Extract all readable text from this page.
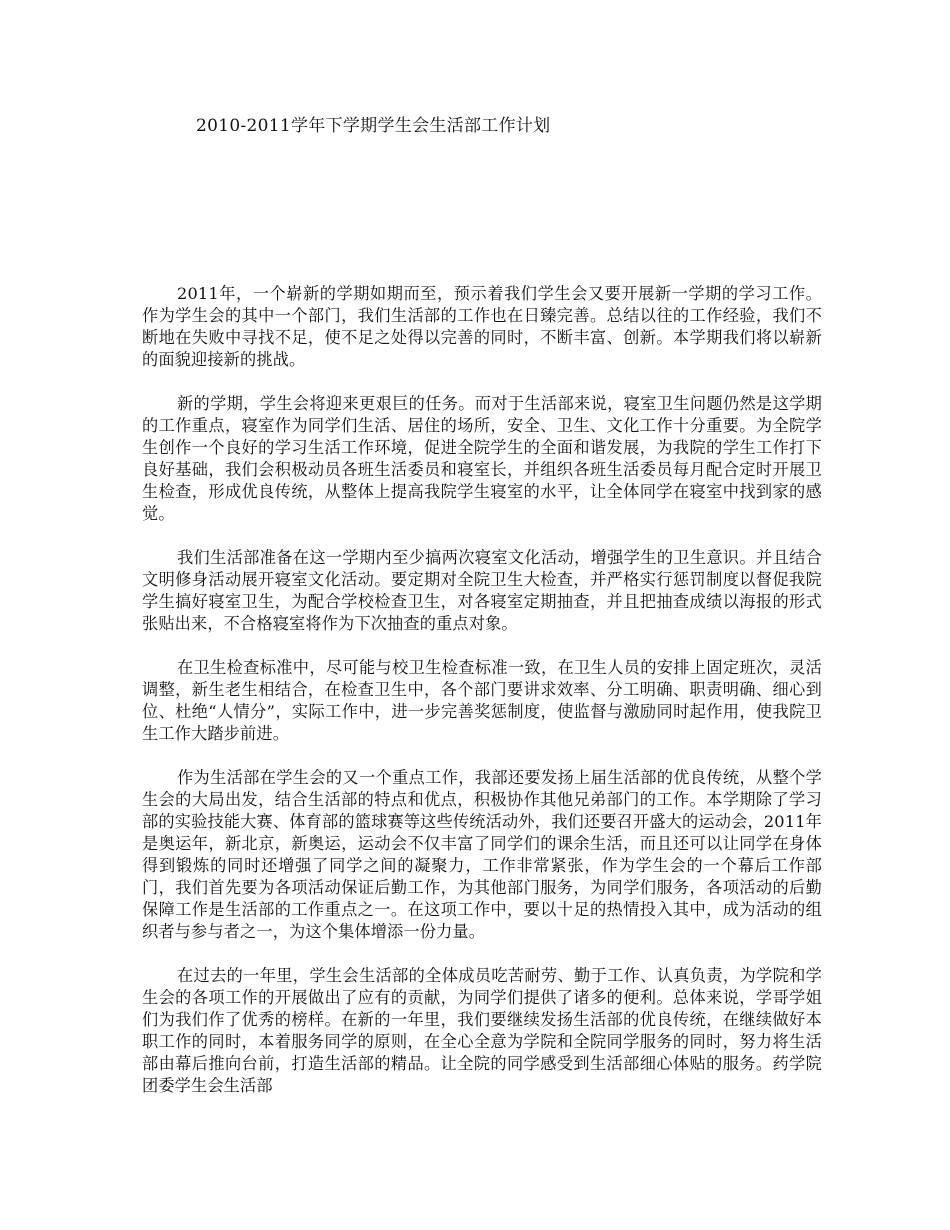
2010-2011学年下学期学生会生活部工作计划

2011年，一个崭新的学期如期而至，预示着我们学生会又要开展新一学期的学习工作。作为学生会的其中一个部门，我们生活部的工作也在日臻完善。总结以往的工作经验，我们不断地在失败中寻找不足，使不足之处得以完善的同时，不断丰富、创新。本学期我们将以崭新的面貌迎接新的挑战。

新的学期，学生会将迎来更艰巨的任务。而对于生活部来说，寝室卫生问题仍然是这学期的工作重点，寝室作为同学们生活、居住的场所，安全、卫生、文化工作十分重要。为全院学生创作一个良好的学习生活工作环境，促进全院学生的全面和谐发展，为我院的学生工作打下良好基础，我们会积极动员各班生活委员和寝室长，并组织各班生活委员每月配合定时开展卫生检查，形成优良传统，从整体上提高我院学生寝室的水平，让全体同学在寝室中找到家的感觉。

我们生活部准备在这一学期内至少搞两次寝室文化活动，增强学生的卫生意识。并且结合文明修身活动展开寝室文化活动。要定期对全院卫生大检查，并严格实行惩罚制度以督促我院学生搞好寝室卫生，为配合学校检查卫生，对各寝室定期抽查，并且把抽查成绩以海报的形式张贴出来，不合格寝室将作为下次抽查的重点对象。

在卫生检查标准中，尽可能与校卫生检查标准一致，在卫生人员的安排上固定班次，灵活调整，新生老生相结合，在检查卫生中，各个部门要讲求效率、分工明确、职责明确、细心到位、杜绝“人情分”，实际工作中，进一步完善奖惩制度，使监督与激励同时起作用，使我院卫生工作大踏步前进。

作为生活部在学生会的又一个重点工作，我部还要发扬上届生活部的优良传统，从整个学生会的大局出发，结合生活部的特点和优点，积极协作其他兄弟部门的工作。本学期除了学习部的实验技能大赛、体育部的篮球赛等这些传统活动外，我们还要召开盛大的运动会，2011年是奥运年，新北京，新奥运，运动会不仅丰富了同学们的课余生活，而且还可以让同学在身体得到锻炼的同时还增强了同学之间的凝聚力，工作非常紧张，作为学生会的一个幕后工作部门，我们首先要为各项活动保证后勤工作，为其他部门服务，为同学们服务，各项活动的后勤保障工作是生活部的工作重点之一。在这项工作中，要以十足的热情投入其中，成为活动的组织者与参与者之一，为这个集体增添一份力量。

在过去的一年里，学生会生活部的全体成员吃苦耐劳、勤于工作、认真负责，为学院和学生会的各项工作的开展做出了应有的贡献，为同学们提供了诸多的便利。总体来说，学哥学姐们为我们作了优秀的榜样。在新的一年里，我们要继续发扬生活部的优良传统，在继续做好本职工作的同时，本着服务同学的原则，在全心全意为学院和全院同学服务的同时，努力将生活部由幕后推向台前，打造生活部的精品。让全院的同学感受到生活部细心体贴的服务。药学院团委学生会生活部
